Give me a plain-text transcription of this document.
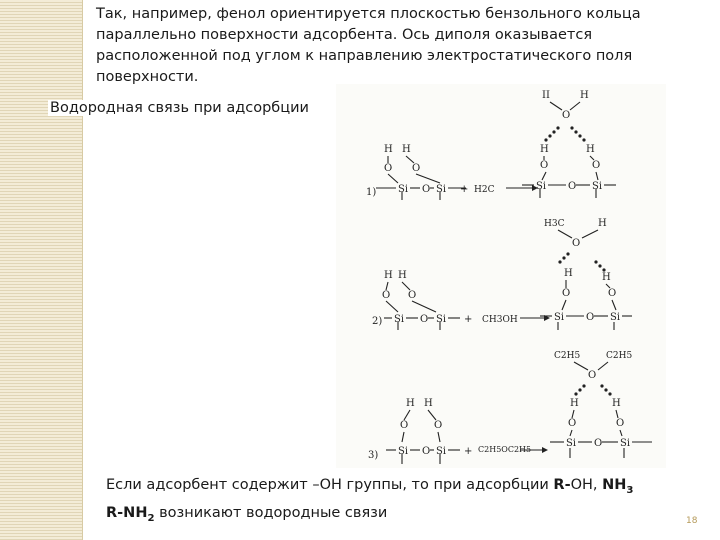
Так, например, фенол ориентируется плоскостью бензольного кольца параллельно поверхности адсорбента. Ось диполя оказывается расположенной под углом к направлению электростатического поля поверхности.
1)
H H
O O
Si O Si + H2C
II	H
O
H	H
O	O
Si O Si
2)
H H
O O
Si O Si + CH3OH
H3C	H
O
H	H
O	O
Si O Si
C2H5	C2H5
O
H	H
O	O
Si O Si
3)
H H
O	O
Si O Si + C2H5OC2H5
Водородная связь при адсорбции
Если адсорбент содержит –ОН группы, то при адсорбции R-OH, $NH_3$
$R-NH_2$ возникают водородные связи
18
